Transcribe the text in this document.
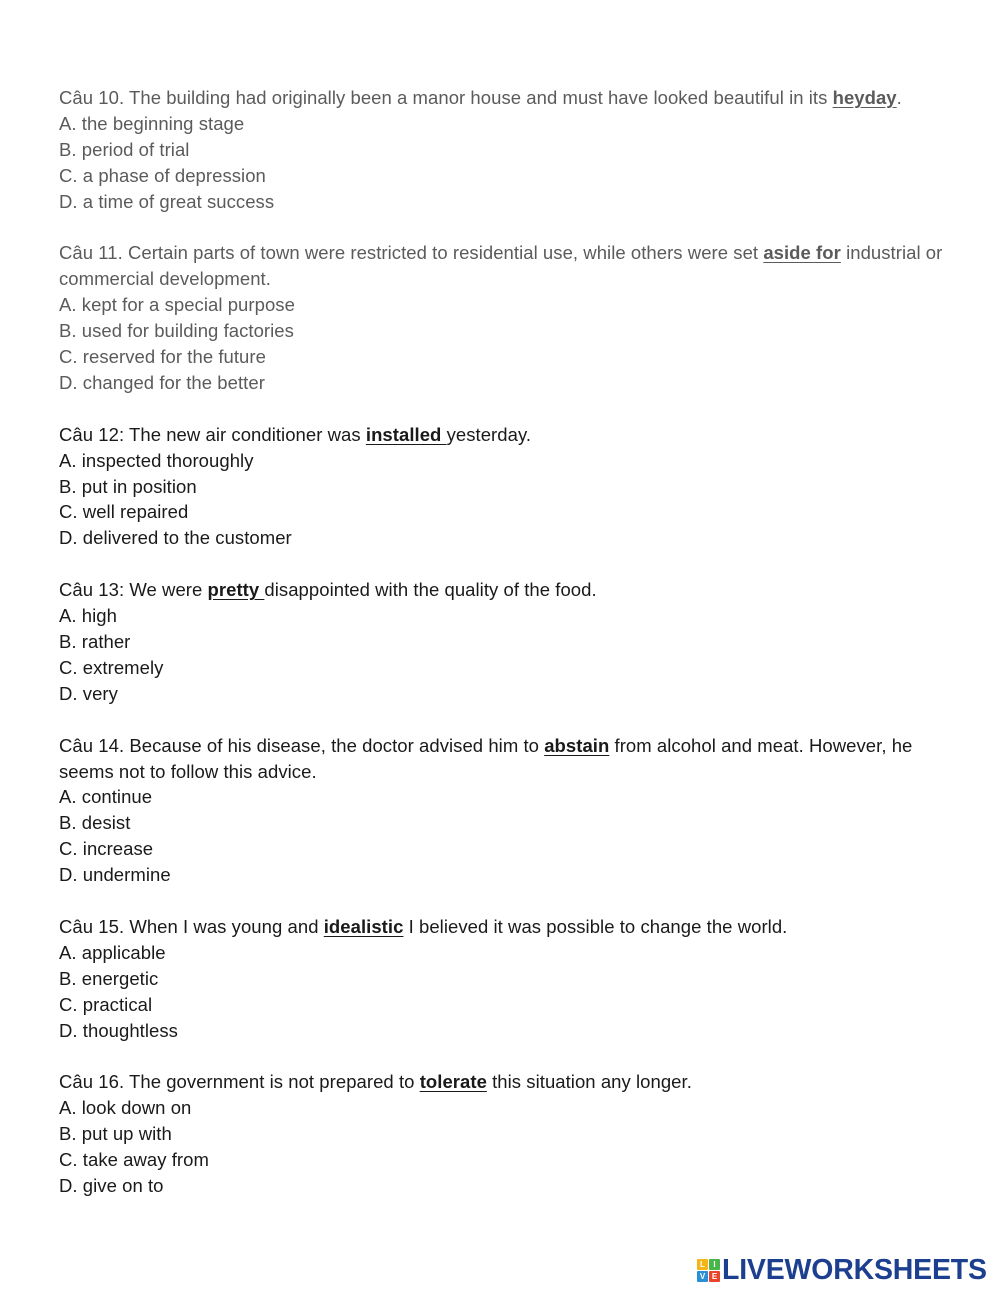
Câu 10. The building had originally been a manor house and must have looked beautiful in its heyday.
A. the beginning stage
B. period of trial
C. a phase of depression
D. a time of great success
Câu 11. Certain parts of town were restricted to residential use, while others were set aside for industrial or commercial development.
A. kept for a special purpose
B. used for building factories
C. reserved for the future
D. changed for the better
Câu 12: The new air conditioner was installed yesterday.
A. inspected thoroughly
B. put in position
C. well repaired
D. delivered to the customer
Câu 13: We were pretty disappointed with the quality of the food.
A. high
B. rather
C. extremely
D. very
Câu 14. Because of his disease, the doctor advised him to abstain from alcohol and meat. However, he seems not to follow this advice.
A. continue
B. desist
C. increase
D. undermine
Câu 15. When I was young and idealistic I believed it was possible to change the world.
A. applicable
B. energetic
C. practical
D. thoughtless
Câu 16. The government is not prepared to tolerate this situation any longer.
A. look down on
B. put up with
C. take away from
D. give on to
L	I
V E LIVEWORKSHEETS
